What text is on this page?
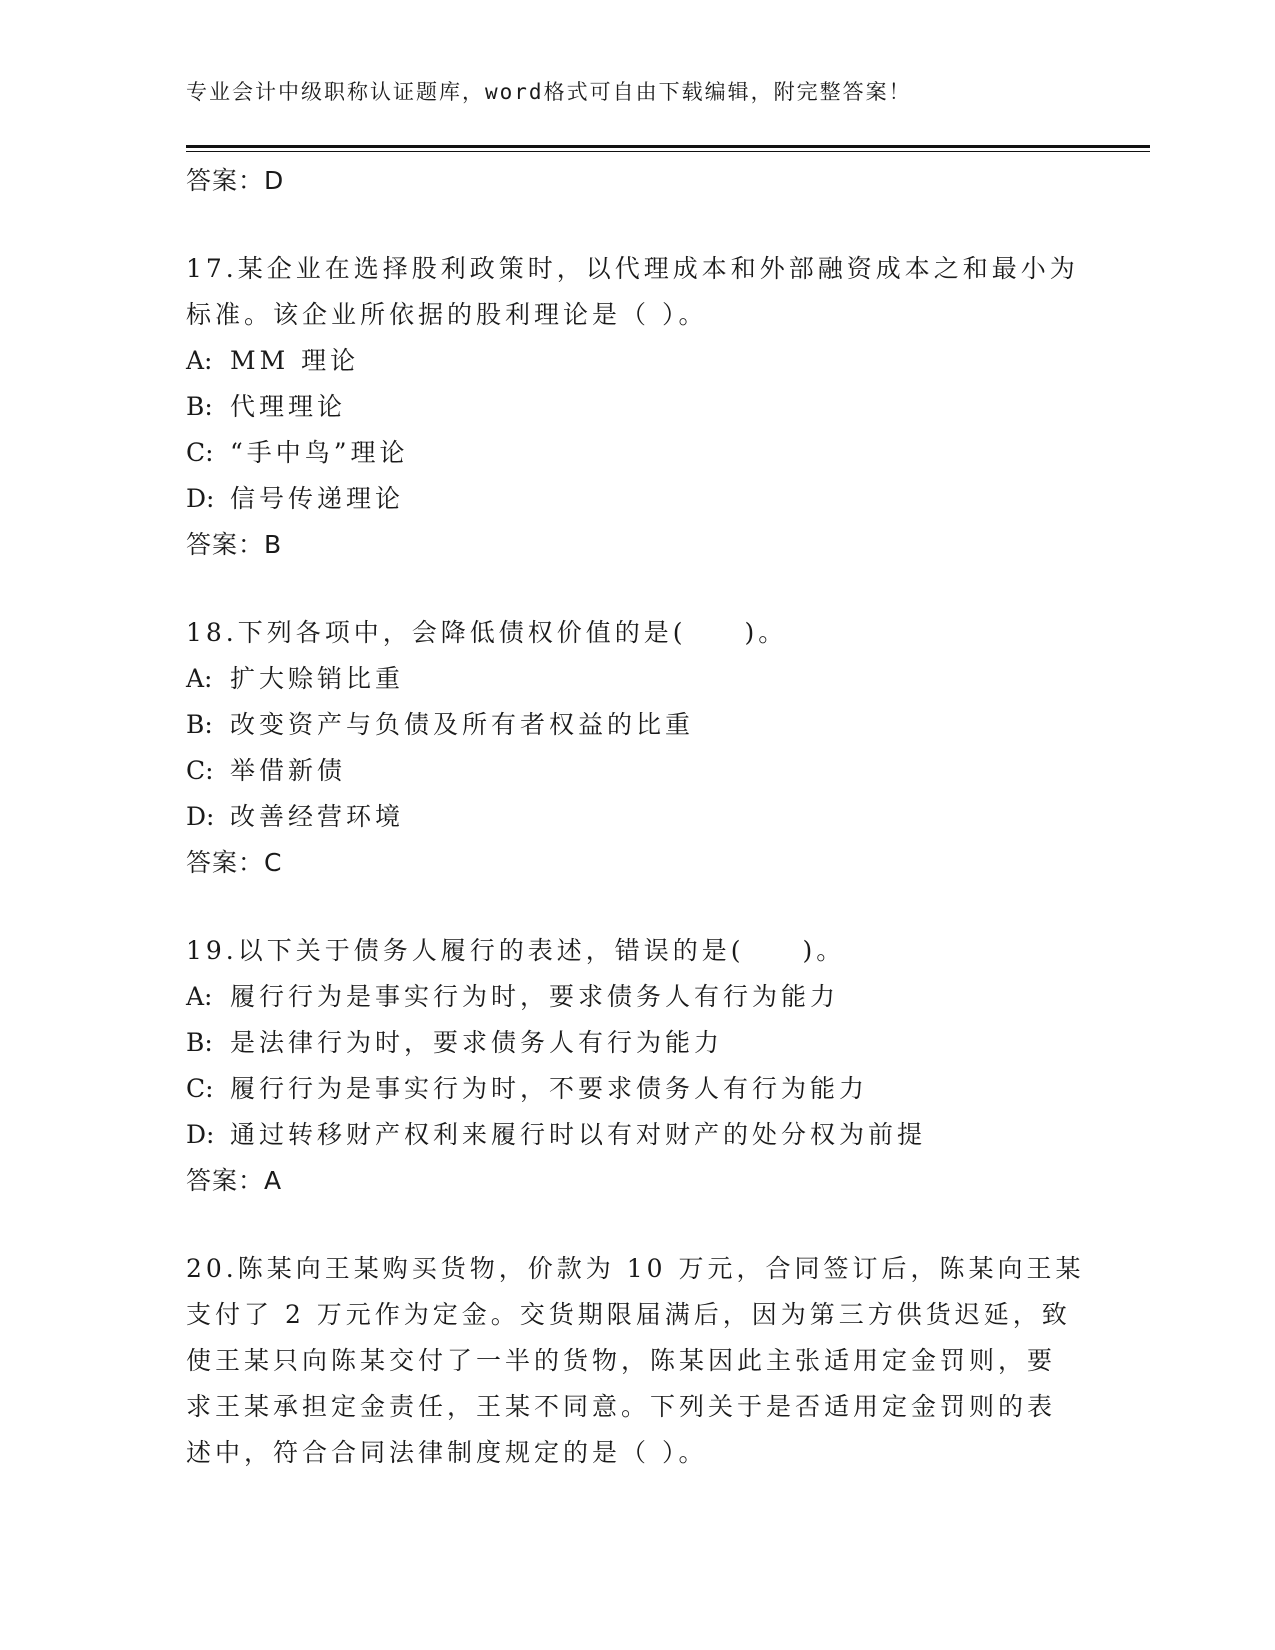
专业会计中级职称认证题库，word格式可自由下载编辑，附完整答案！
答案：D
17.某企业在选择股利政策时，以代理成本和外部融资成本之和最小为
标准。该企业所依据的股利理论是（ ）。
A: MM 理论
B: 代理理论
C: “手中鸟”理论
D: 信号传递理论
答案：B
18.下列各项中，会降低债权价值的是(　　)。
A: 扩大赊销比重
B: 改变资产与负债及所有者权益的比重
C: 举借新债
D: 改善经营环境
答案：C
19.以下关于债务人履行的表述，错误的是(　　)。
A: 履行行为是事实行为时，要求债务人有行为能力
B: 是法律行为时，要求债务人有行为能力
C: 履行行为是事实行为时，不要求债务人有行为能力
D: 通过转移财产权利来履行时以有对财产的处分权为前提
答案：A
20.陈某向王某购买货物，价款为 10 万元，合同签订后，陈某向王某
支付了 2 万元作为定金。交货期限届满后，因为第三方供货迟延，致
使王某只向陈某交付了一半的货物，陈某因此主张适用定金罚则，要
求王某承担定金责任，王某不同意。下列关于是否适用定金罚则的表
述中，符合合同法律制度规定的是（ ）。
